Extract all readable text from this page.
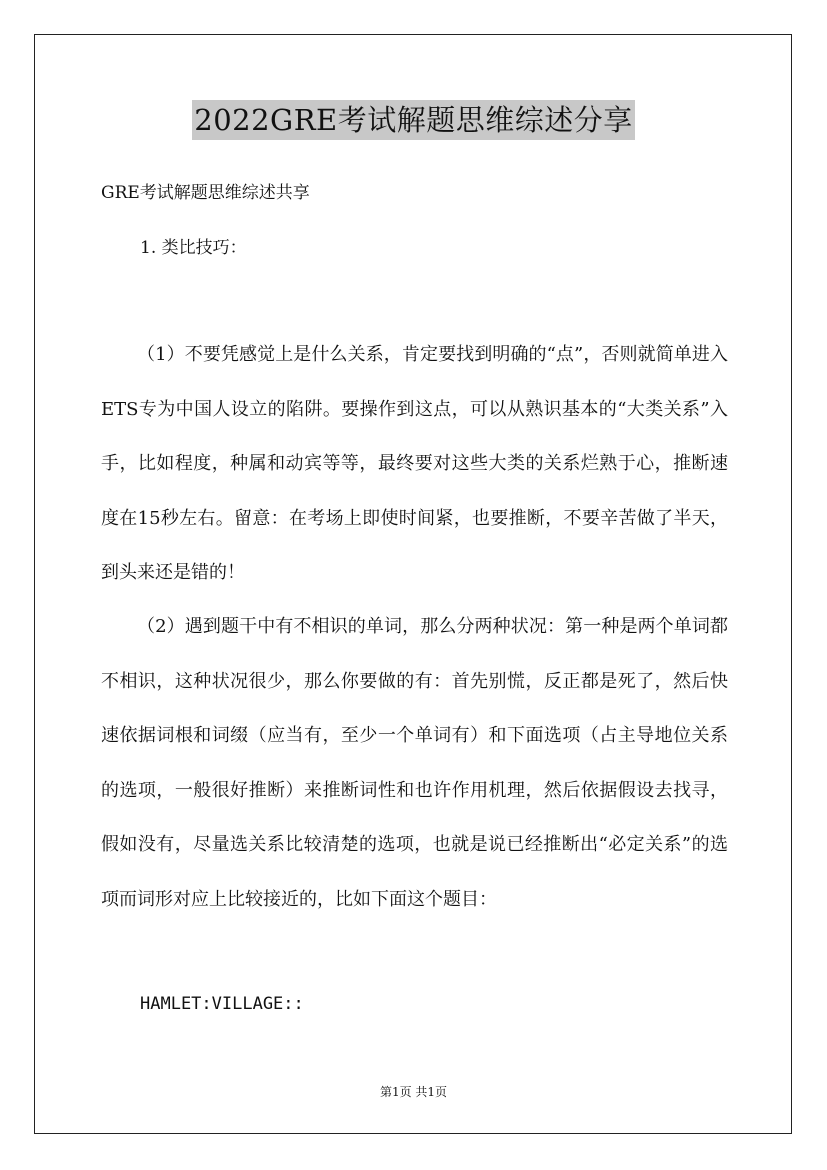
2022GRE考试解题思维综述分享
GRE考试解题思维综述共享
1. 类比技巧：

（1）不要凭感觉上是什么关系，肯定要找到明确的“点”，否则就简单进入ETS专为中国人设立的陷阱。要操作到这点，可以从熟识基本的“大类关系”入手，比如程度，种属和动宾等等，最终要对这些大类的关系烂熟于心，推断速度在15秒左右。留意：在考场上即使时间紧，也要推断，不要辛苦做了半天，到头来还是错的！

（2）遇到题干中有不相识的单词，那么分两种状况：第一种是两个单词都不相识，这种状况很少，那么你要做的有：首先别慌，反正都是死了，然后快速依据词根和词缀（应当有，至少一个单词有）和下面选项（占主导地位关系的选项，一般很好推断）来推断词性和也许作用机理，然后依据假设去找寻，假如没有，尽量选关系比较清楚的选项，也就是说已经推断出“必定关系”的选项而词形对应上比较接近的，比如下面这个题目：

HAMLET:VILLAGE::
第1页 共1页
